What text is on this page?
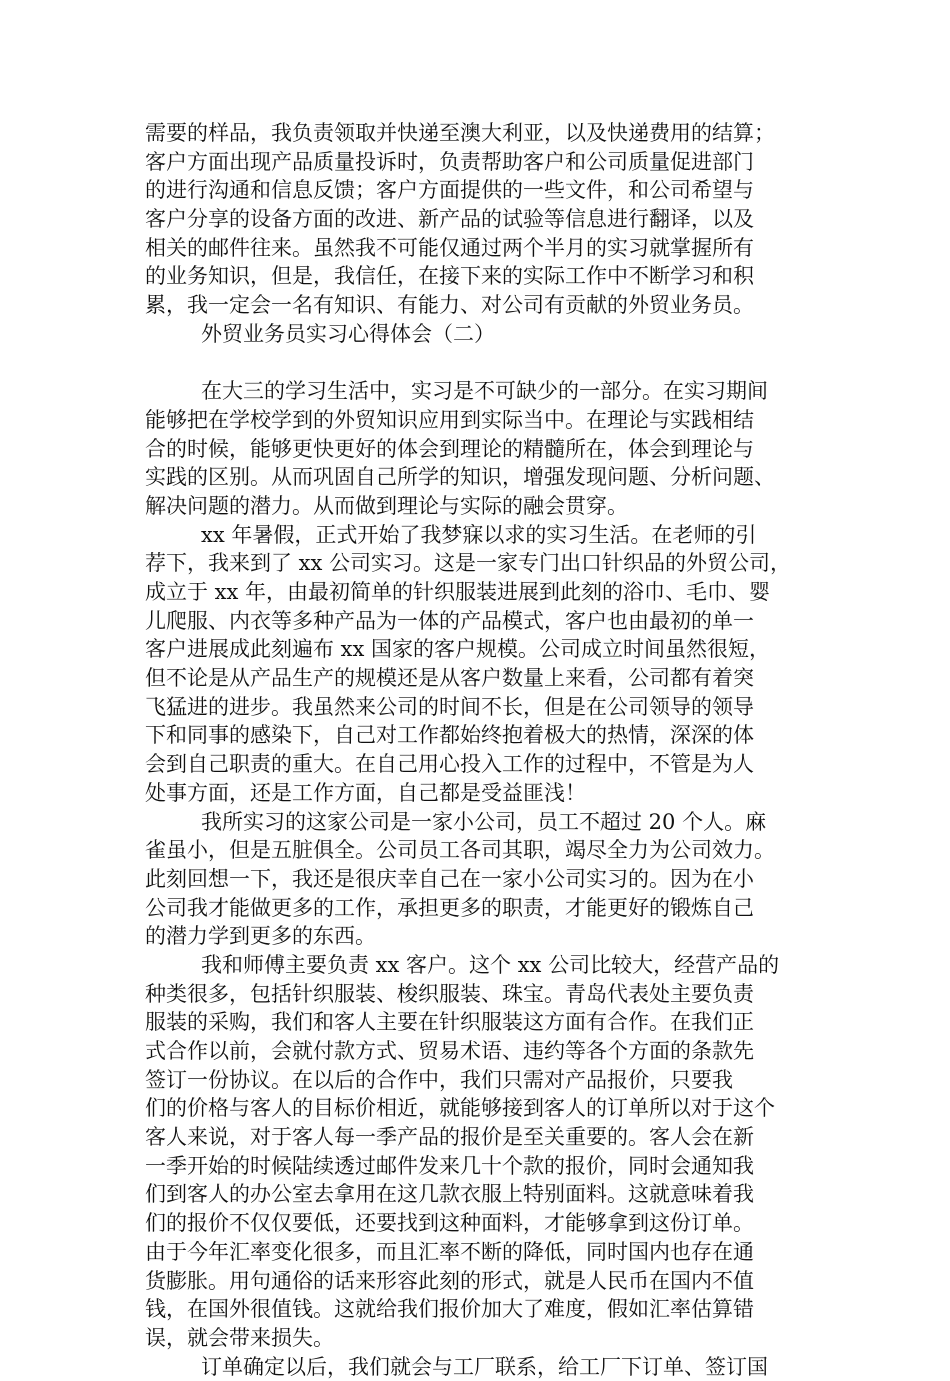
需要的样品，我负责领取并快递至澳大利亚，以及快递费用的结算；
客户方面出现产品质量投诉时，负责帮助客户和公司质量促进部门
的进行沟通和信息反馈；客户方面提供的一些文件，和公司希望与
客户分享的设备方面的改进、新产品的试验等信息进行翻译，以及
相关的邮件往来。虽然我不可能仅通过两个半月的实习就掌握所有
的业务知识，但是，我信任，在接下来的实际工作中不断学习和积
累，我一定会一名有知识、有能力、对公司有贡献的外贸业务员。
外贸业务员实习心得体会（二）
在大三的学习生活中，实习是不可缺少的一部分。在实习期间
能够把在学校学到的外贸知识应用到实际当中。在理论与实践相结
合的时候，能够更快更好的体会到理论的精髓所在，体会到理论与
实践的区别。从而巩固自己所学的知识，增强发现问题、分析问题、
解决问题的潜力。从而做到理论与实际的融会贯穿。
xx 年暑假，正式开始了我梦寐以求的实习生活。在老师的引
荐下，我来到了 xx 公司实习。这是一家专门出口针织品的外贸公司，
成立于 xx 年，由最初简单的针织服装进展到此刻的浴巾、毛巾、婴
儿爬服、内衣等多种产品为一体的产品模式，客户也由最初的单一
客户进展成此刻遍布 xx 国家的客户规模。公司成立时间虽然很短，
但不论是从产品生产的规模还是从客户数量上来看，公司都有着突
飞猛进的进步。我虽然来公司的时间不长，但是在公司领导的领导
下和同事的感染下，自己对工作都始终抱着极大的热情，深深的体
会到自己职责的重大。在自己用心投入工作的过程中，不管是为人
处事方面，还是工作方面，自己都是受益匪浅！
我所实习的这家公司是一家小公司，员工不超过 20 个人。麻
雀虽小，但是五脏俱全。公司员工各司其职，竭尽全力为公司效力。
此刻回想一下，我还是很庆幸自己在一家小公司实习的。因为在小
公司我才能做更多的工作，承担更多的职责，才能更好的锻炼自己
的潜力学到更多的东西。
我和师傅主要负责 xx 客户。这个 xx 公司比较大，经营产品的
种类很多，包括针织服装、梭织服装、珠宝。青岛代表处主要负责
服装的采购，我们和客人主要在针织服装这方面有合作。在我们正
式合作以前，会就付款方式、贸易术语、违约等各个方面的条款先
签订一份协议。在以后的合作中，我们只需对产品报价，只要我
们的价格与客人的目标价相近，就能够接到客人的订单所以对于这个
客人来说，对于客人每一季产品的报价是至关重要的。客人会在新
一季开始的时候陆续透过邮件发来几十个款的报价，同时会通知我
们到客人的办公室去拿用在这几款衣服上特别面料。这就意味着我
们的报价不仅仅要低，还要找到这种面料，才能够拿到这份订单。
由于今年汇率变化很多，而且汇率不断的降低，同时国内也存在通
货膨胀。用句通俗的话来形容此刻的形式，就是人民币在国内不值
钱，在国外很值钱。这就给我们报价加大了难度，假如汇率估算错
误，就会带来损失。
订单确定以后，我们就会与工厂联系，给工厂下订单、签订国
